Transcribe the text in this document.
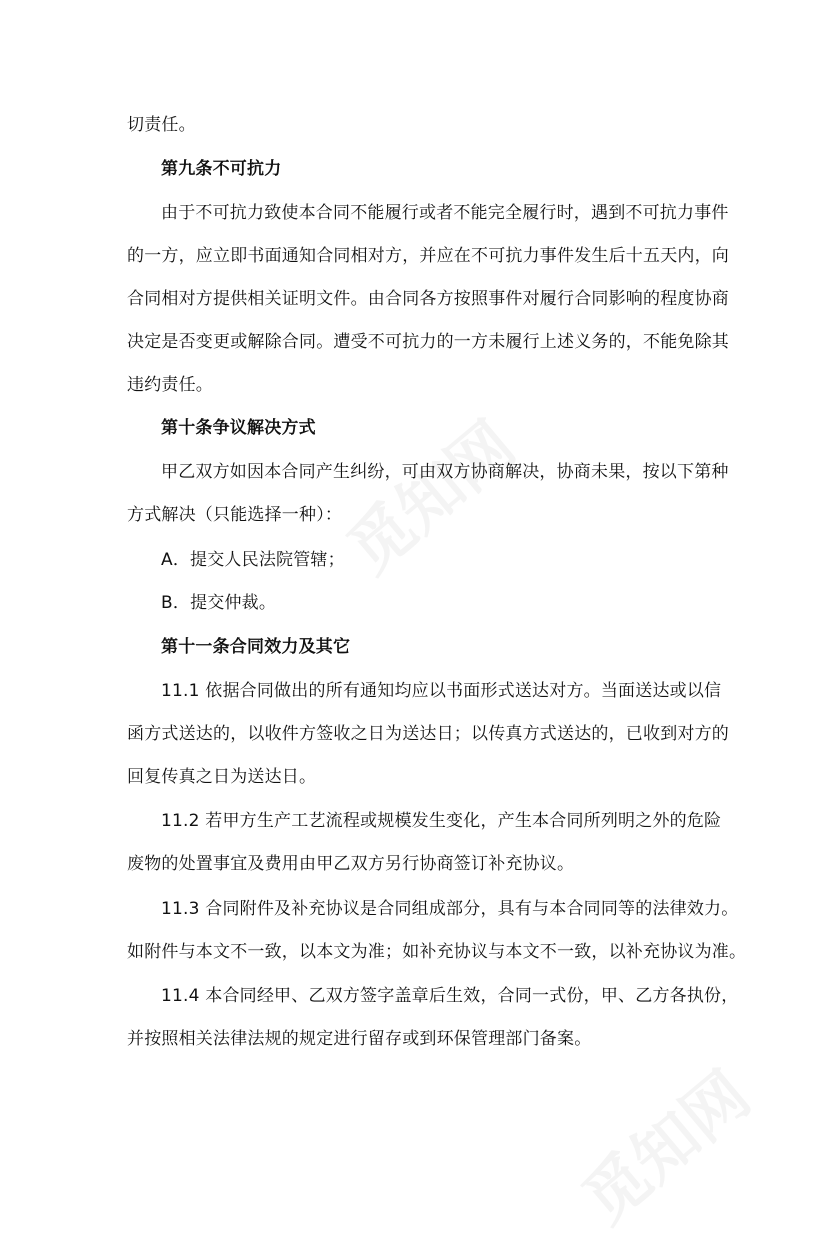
切责任。
第九条不可抗力
由于不可抗力致使本合同不能履行或者不能完全履行时，遇到不可抗力事件
的一方，应立即书面通知合同相对方，并应在不可抗力事件发生后十五天内，向
合同相对方提供相关证明文件。由合同各方按照事件对履行合同影响的程度协商
决定是否变更或解除合同。遭受不可抗力的一方未履行上述义务的，不能免除其
违约责任。
第十条争议解决方式
甲乙双方如因本合同产生纠纷，可由双方协商解决，协商未果，按以下第种
方式解决（只能选择一种）：
A．提交人民法院管辖；
B．提交仲裁。
第十一条合同效力及其它
11.1 依据合同做出的所有通知均应以书面形式送达对方。当面送达或以信
函方式送达的，以收件方签收之日为送达日；以传真方式送达的，已收到对方的
回复传真之日为送达日。
11.2 若甲方生产工艺流程或规模发生变化，产生本合同所列明之外的危险
废物的处置事宜及费用由甲乙双方另行协商签订补充协议。
11.3 合同附件及补充协议是合同组成部分，具有与本合同同等的法律效力。
如附件与本文不一致，以本文为准；如补充协议与本文不一致，以补充协议为准。
11.4 本合同经甲、乙双方签字盖章后生效，合同一式份，甲、乙方各执份，
并按照相关法律法规的规定进行留存或到环保管理部门备案。
